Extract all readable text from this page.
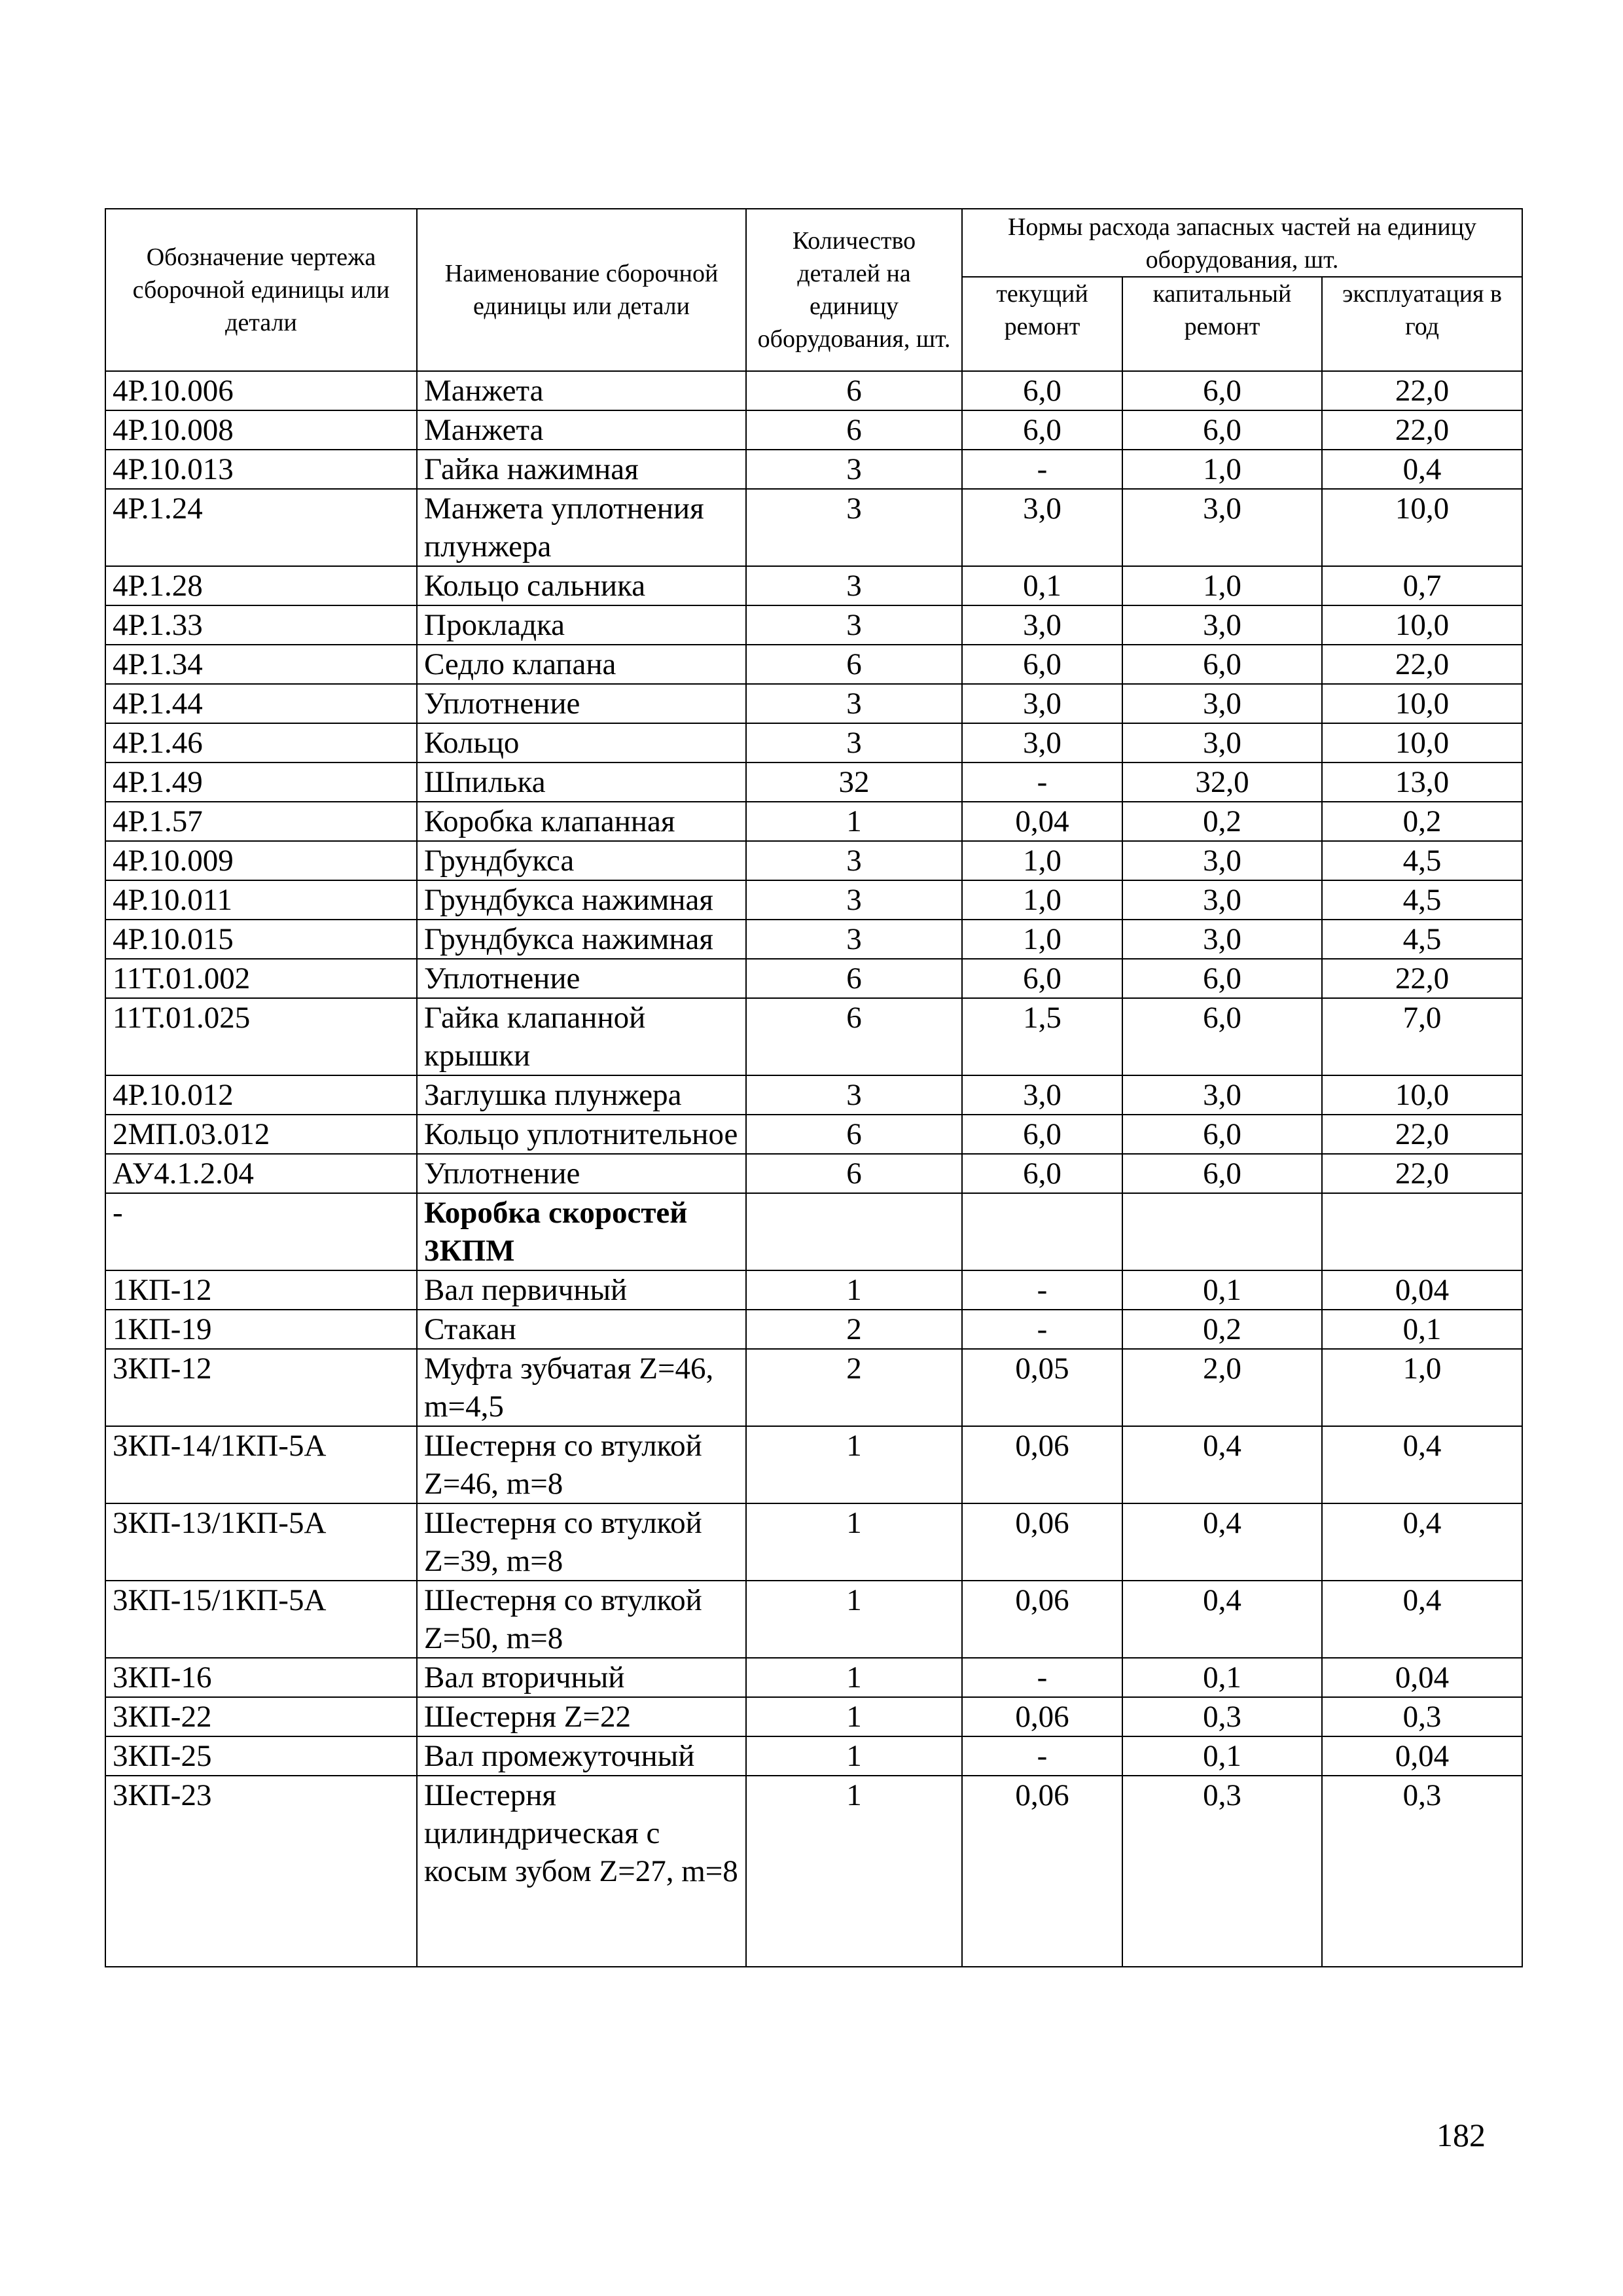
Обозначение чертежа сборочной единицы или детали	Наименование сборочной единицы или детали	Количество деталей на единицу оборудования, шт.	Нормы расхода запасных частей на единицу оборудования, шт.		
			текущий ремонт	капитальный ремонт	эксплуатация в год
4Р.10.006	Манжета	6	6,0	6,0	22,0
4Р.10.008	Манжета	6	6,0	6,0	22,0
4Р.10.013	Гайка нажимная	3	-	1,0	0,4
4Р.1.24	Манжета уплотнения плунжера	3	3,0	3,0	10,0
4Р.1.28	Кольцо сальника	3	0,1	1,0	0,7
4Р.1.33	Прокладка	3	3,0	3,0	10,0
4Р.1.34	Седло клапана	6	6,0	6,0	22,0
4Р.1.44	Уплотнение	3	3,0	3,0	10,0
4Р.1.46	Кольцо	3	3,0	3,0	10,0
4Р.1.49	Шпилька	32	-	32,0	13,0
4Р.1.57	Коробка клапанная	1	0,04	0,2	0,2
4Р.10.009	Грундбукса	3	1,0	3,0	4,5
4Р.10.011	Грундбукса нажимная	3	1,0	3,0	4,5
4Р.10.015	Грундбукса нажимная	3	1,0	3,0	4,5
11Т.01.002	Уплотнение	6	6,0	6,0	22,0
11Т.01.025	Гайка клапанной крышки	6	1,5	6,0	7,0
4Р.10.012	Заглушка плунжера	3	3,0	3,0	10,0
2МП.03.012	Кольцо уплотнительное	6	6,0	6,0	22,0
АУ4.1.2.04	Уплотнение	6	6,0	6,0	22,0
-	Коробка скоростей 3КПМ				
1КП-12	Вал первичный	1	-	0,1	0,04
1КП-19	Стакан	2	-	0,2	0,1
3КП-12	Муфта зубчатая Z=46, m=4,5	2	0,05	2,0	1,0
3КП-14/1КП-5А	Шестерня со втулкой Z=46, m=8	1	0,06	0,4	0,4
3КП-13/1КП-5А	Шестерня со втулкой Z=39, m=8	1	0,06	0,4	0,4
3КП-15/1КП-5А	Шестерня со втулкой Z=50, m=8	1	0,06	0,4	0,4
3КП-16	Вал вторичный	1	-	0,1	0,04
3КП-22	Шестерня Z=22	1	0,06	0,3	0,3
3КП-25	Вал промежуточный	1	-	0,1	0,04
3КП-23	Шестерня цилиндрическая с косым зубом Z=27, m=8	1	0,06	0,3	0,3
182
